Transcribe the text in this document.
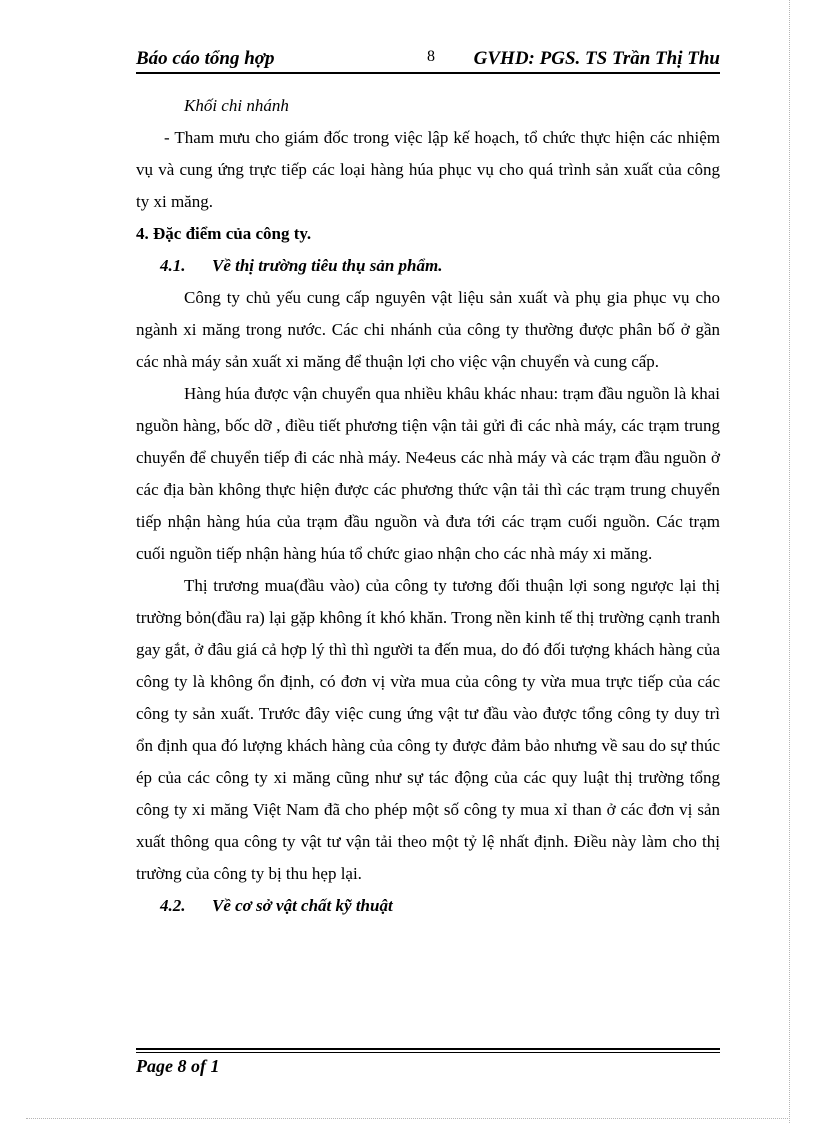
Báo cáo tổng hợp	8 GVHD: PGS. TS Trần Thị Thu

Khối chi nhánh

- Tham mưu cho giám đốc trong việc lập kế hoạch, tổ chức thực hiện các nhiệm vụ và cung ứng trực tiếp các loại hàng húa phục vụ cho quá trình sản xuất của công ty xi măng.

4. Đặc điểm của công ty.

4.1. Về thị trường tiêu thụ sản phẩm.

Công ty chủ yếu cung cấp nguyên vật liệu sản xuất và phụ gia phục vụ cho ngành xi măng trong nước. Các chi nhánh của công ty thường được phân bố ở gần các nhà máy sản xuất xi măng để thuận lợi cho việc vận chuyển và cung cấp.

Hàng húa được vận chuyển qua nhiều khâu khác nhau: trạm đầu nguồn là khai nguồn hàng, bốc dỡ , điều tiết phương tiện vận tải gửi đi các nhà máy, các trạm trung chuyển để chuyển tiếp đi các nhà máy. Ne4eus các nhà máy và các trạm đầu nguồn ở các địa bàn không thực hiện được các phương thức vận tải thì các trạm trung chuyển tiếp nhận hàng húa của trạm đầu nguồn và đưa tới các trạm cuối nguồn. Các trạm cuối nguồn tiếp nhận hàng húa tổ chức giao nhận cho các nhà máy xi măng.

Thị trương mua(đầu vào) của công ty tương đối thuận lợi song ngược lại thị trường bỏn(đầu ra) lại gặp không ít khó khăn. Trong nền kinh tế thị trường cạnh tranh gay gắt, ở đâu giá cả hợp lý thì thì người ta đến mua, do đó đối tượng khách hàng của công ty là không ổn định, có đơn vị vừa mua của công ty vừa mua trực tiếp của các công ty sản xuất. Trước đây việc cung ứng vật tư đầu vào được tổng công ty duy trì ổn định qua đó lượng khách hàng của công ty được đảm bảo nhưng về sau do sự thúc ép của các công ty xi măng cũng như sự tác động của các quy luật thị trường tổng công ty xi măng Việt Nam đã cho phép một số công ty mua xỉ than ở các đơn vị sản xuất thông qua công ty vật tư vận tải theo một tỷ lệ nhất định. Điều này làm cho thị trường của công ty bị thu hẹp lại.

4.2. Về cơ sở vật chất kỹ thuật

Page 8 of 1
